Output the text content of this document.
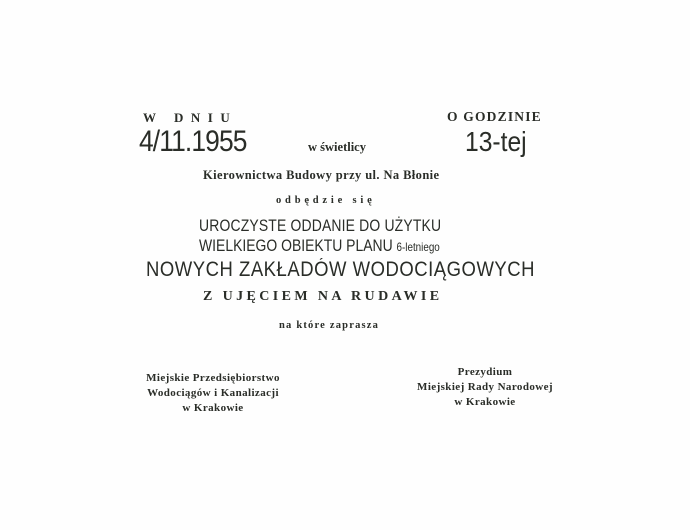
W DNIU	O GODZINIE
4/11.1955	w świetlicy	13-tej
Kierownictwa Budowy przy ul. Na Błonie
odbędzie się
UROCZYSTE ODDANIE DO UŻYTKU
WIELKIEGO OBIEKTU PLANU 6-letniego
NOWYCH ZAKŁADÓW WODOCIĄGOWYCH
Z UJĘCIEM NA RUDAWIE
na które zaprasza
Miejskie Przedsiębiorstwo
Wodociągów i Kanalizacji
w Krakowie
Prezydium
Miejskiej Rady Narodowej
w Krakowie
